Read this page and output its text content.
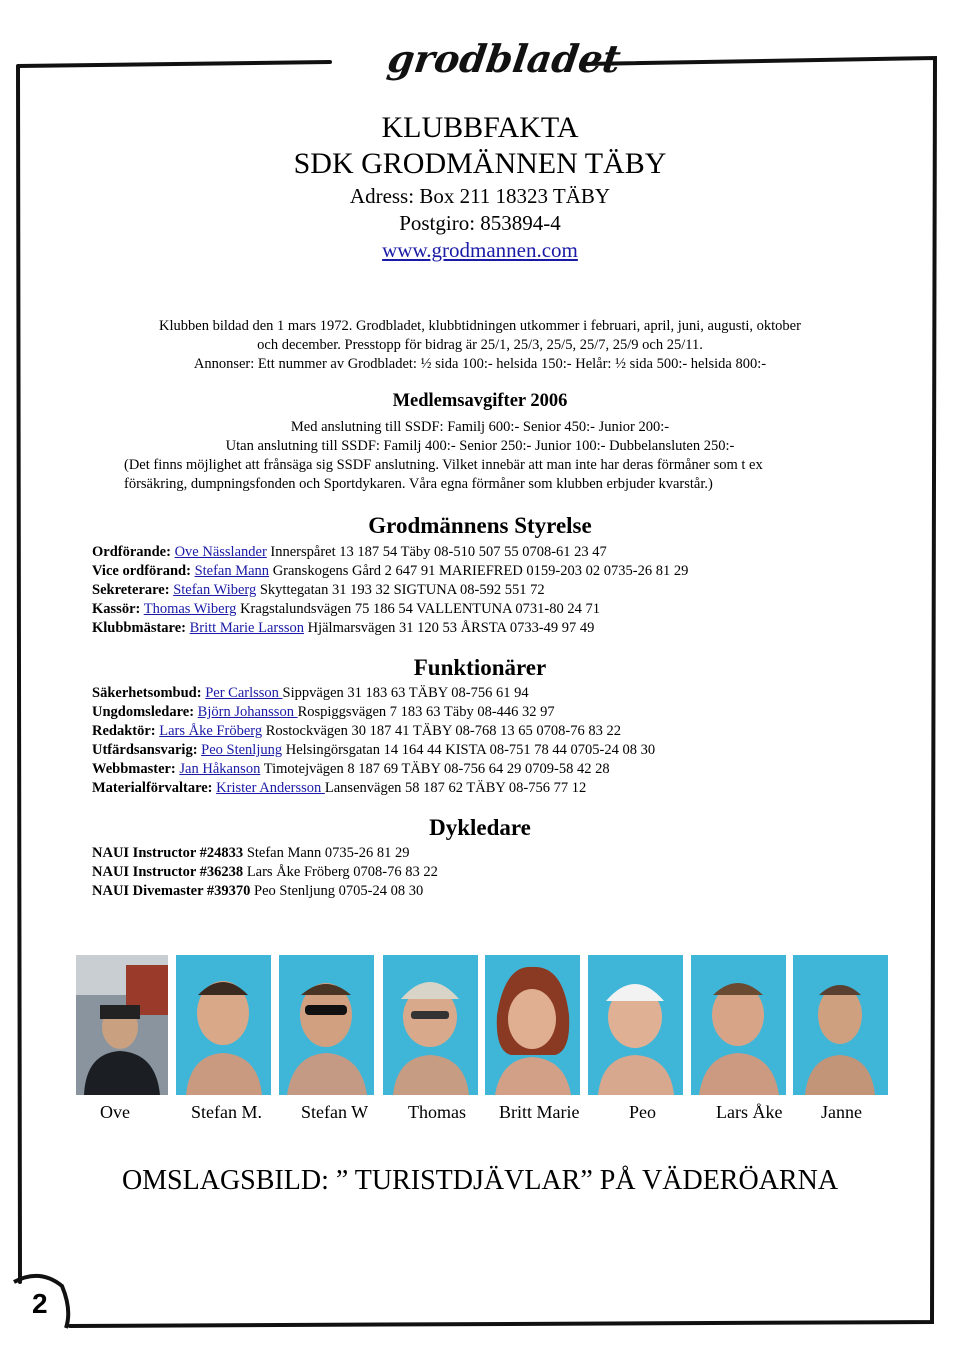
grodbladet
KLUBBFAKTA
SDK GRODMÄNNEN TÄBY
Adress: Box 211 18323 TÄBY
Postgiro: 853894-4
www.grodmannen.com
Klubben bildad den 1 mars 1972. Grodbladet, klubbtidningen utkommer i februari, april, juni, augusti, oktober
och december. Presstopp för bidrag är 25/1, 25/3, 25/5, 25/7, 25/9 och 25/11.
Annonser: Ett nummer av Grodbladet: ½ sida 100:- helsida 150:- Helår: ½ sida 500:- helsida 800:-
Medlemsavgifter 2006
Med anslutning till SSDF: Familj 600:- Senior 450:- Junior 200:-
Utan anslutning till SSDF: Familj 400:- Senior 250:- Junior 100:- Dubbelansluten 250:-
(Det finns möjlighet att frånsäga sig SSDF anslutning. Vilket innebär att man inte har deras förmåner som t ex
försäkring, dumpningsfonden och Sportdykaren. Våra egna förmåner som klubben erbjuder kvarstår.)
Grodmännens Styrelse
Ordförande: Ove Nässlander Innerspåret 13 187 54 Täby 08-510 507 55 0708-61 23 47
Vice ordförand: Stefan Mann Granskogens Gård 2 647 91 MARIEFRED 0159-203 02 0735-26 81 29
Sekreterare: Stefan Wiberg Skyttegatan 31 193 32 SIGTUNA 08-592 551 72
Kassör: Thomas Wiberg Kragstalundsvägen 75 186 54 VALLENTUNA 0731-80 24 71
Klubbmästare: Britt Marie Larsson Hjälmarsvägen 31 120 53 ÅRSTA 0733-49 97 49
Funktionärer
Säkerhetsombud: Per Carlsson Sippvägen 31 183 63 TÄBY 08-756 61 94
Ungdomsledare: Björn Johansson Rospiggsvägen 7 183 63 Täby 08-446 32 97
Redaktör: Lars Åke Fröberg Rostockvägen 30 187 41 TÄBY 08-768 13 65 0708-76 83 22
Utfärdsansvarig: Peo Stenljung Helsingörsgatan 14 164 44 KISTA 08-751 78 44 0705-24 08 30
Webbmaster: Jan Håkanson Timotejvägen 8 187 69 TÄBY 08-756 64 29 0709-58 42 28
Materialförvaltare: Krister Andersson Lansenvägen 58 187 62 TÄBY 08-756 77 12
Dykledare
NAUI Instructor #24833 Stefan Mann 0735-26 81 29
NAUI Instructor #36238 Lars Åke Fröberg 0708-76 83 22
NAUI Divemaster #39370 Peo Stenljung 0705-24 08 30
Ove	Stefan M. Stefan W Thomas Britt Marie	Peo	Lars Åke Janne
OMSLAGSBILD: ” TURISTDJÄVLAR” PÅ VÄDERÖARNA
2
